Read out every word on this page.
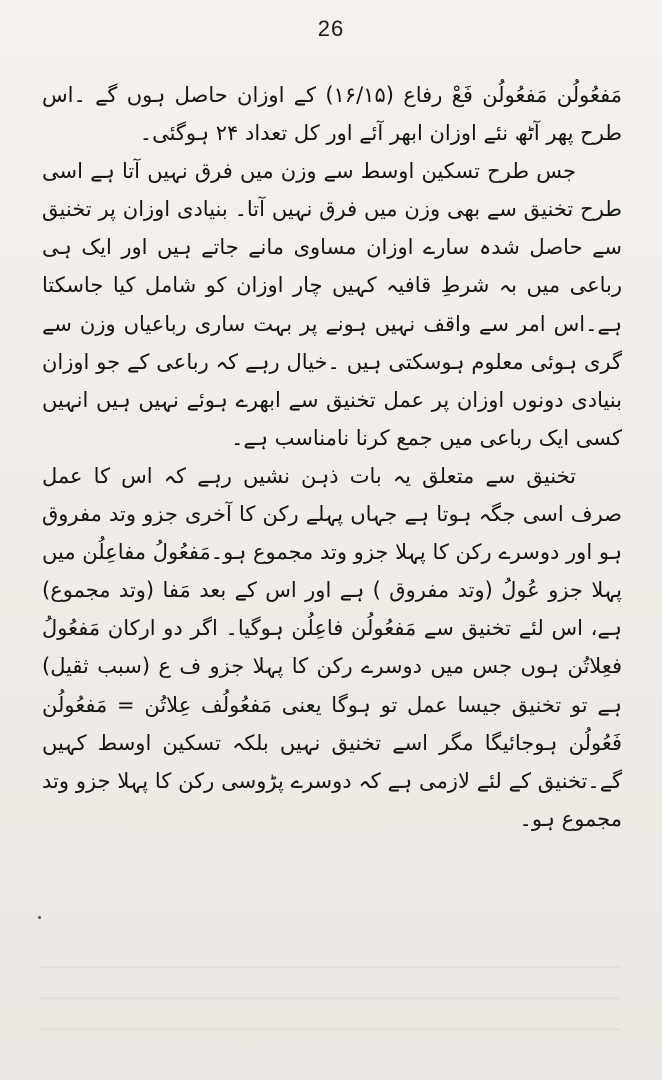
26

مَفعُولُن مَفعُولُن فَعْ رفاع (۱۶/۱۵) کے اوزان حاصل ہوں گے ۔اس طرح پھر آٹھ نئے اوزان ابھر آئے اور کل تعداد ۲۴ ہوگئی۔

جس طرح تسکین اوسط سے وزن میں فرق نہیں آتا ہے اسی طرح تخنیق سے بھی وزن میں فرق نہیں آتا۔ بنیادی اوزان پر تخنیق سے حاصل شدہ سارے اوزان مساوی مانے جاتے ہیں اور ایک ہی رباعی میں بہ شرطِ قافیہ کہیں چار اوزان کو شامل کیا جاسکتا ہے۔اس امر سے واقف نہیں ہونے پر بہت ساری رباعیاں وزن سے گری ہوئی معلوم ہوسکتی ہیں ۔خیال رہے کہ رباعی کے جو اوزان بنیادی دونوں اوزان پر عمل تخنیق سے ابھرے ہوئے نہیں ہیں انہیں کسی ایک رباعی میں جمع کرنا نامناسب ہے۔

تخنیق سے متعلق یہ بات ذہن نشیں رہے کہ اس کا عمل صرف اسی جگہ ہوتا ہے جہاں پہلے رکن کا آخری جزو وتد مفروق ہو اور دوسرے رکن کا پہلا جزو وتد مجموع ہو۔مَفعُولُ مفاعِلُن میں پہلا جزو عُولُ (وتد مفروق ) ہے اور اس کے بعد مَفا (وتد مجموع) ہے، اس لئے تخنیق سے مَفعُولُن فاعِلُن ہوگیا۔ اگر دو ارکان مَفعُولُ فعِلاتُن ہوں جس میں دوسرے رکن کا پہلا جزو ف ع (سبب ثقیل) ہے تو تخنیق جیسا عمل تو ہوگا یعنی مَفعُولُف عِلاتُن = مَفعُولُن فَعُولُن ہوجائیگا مگر اسے تخنیق نہیں بلکہ تسکین اوسط کہیں گے۔تخنیق کے لئے لازمی ہے کہ دوسرے پڑوسی رکن کا پہلا جزو وتد مجموع ہو۔
